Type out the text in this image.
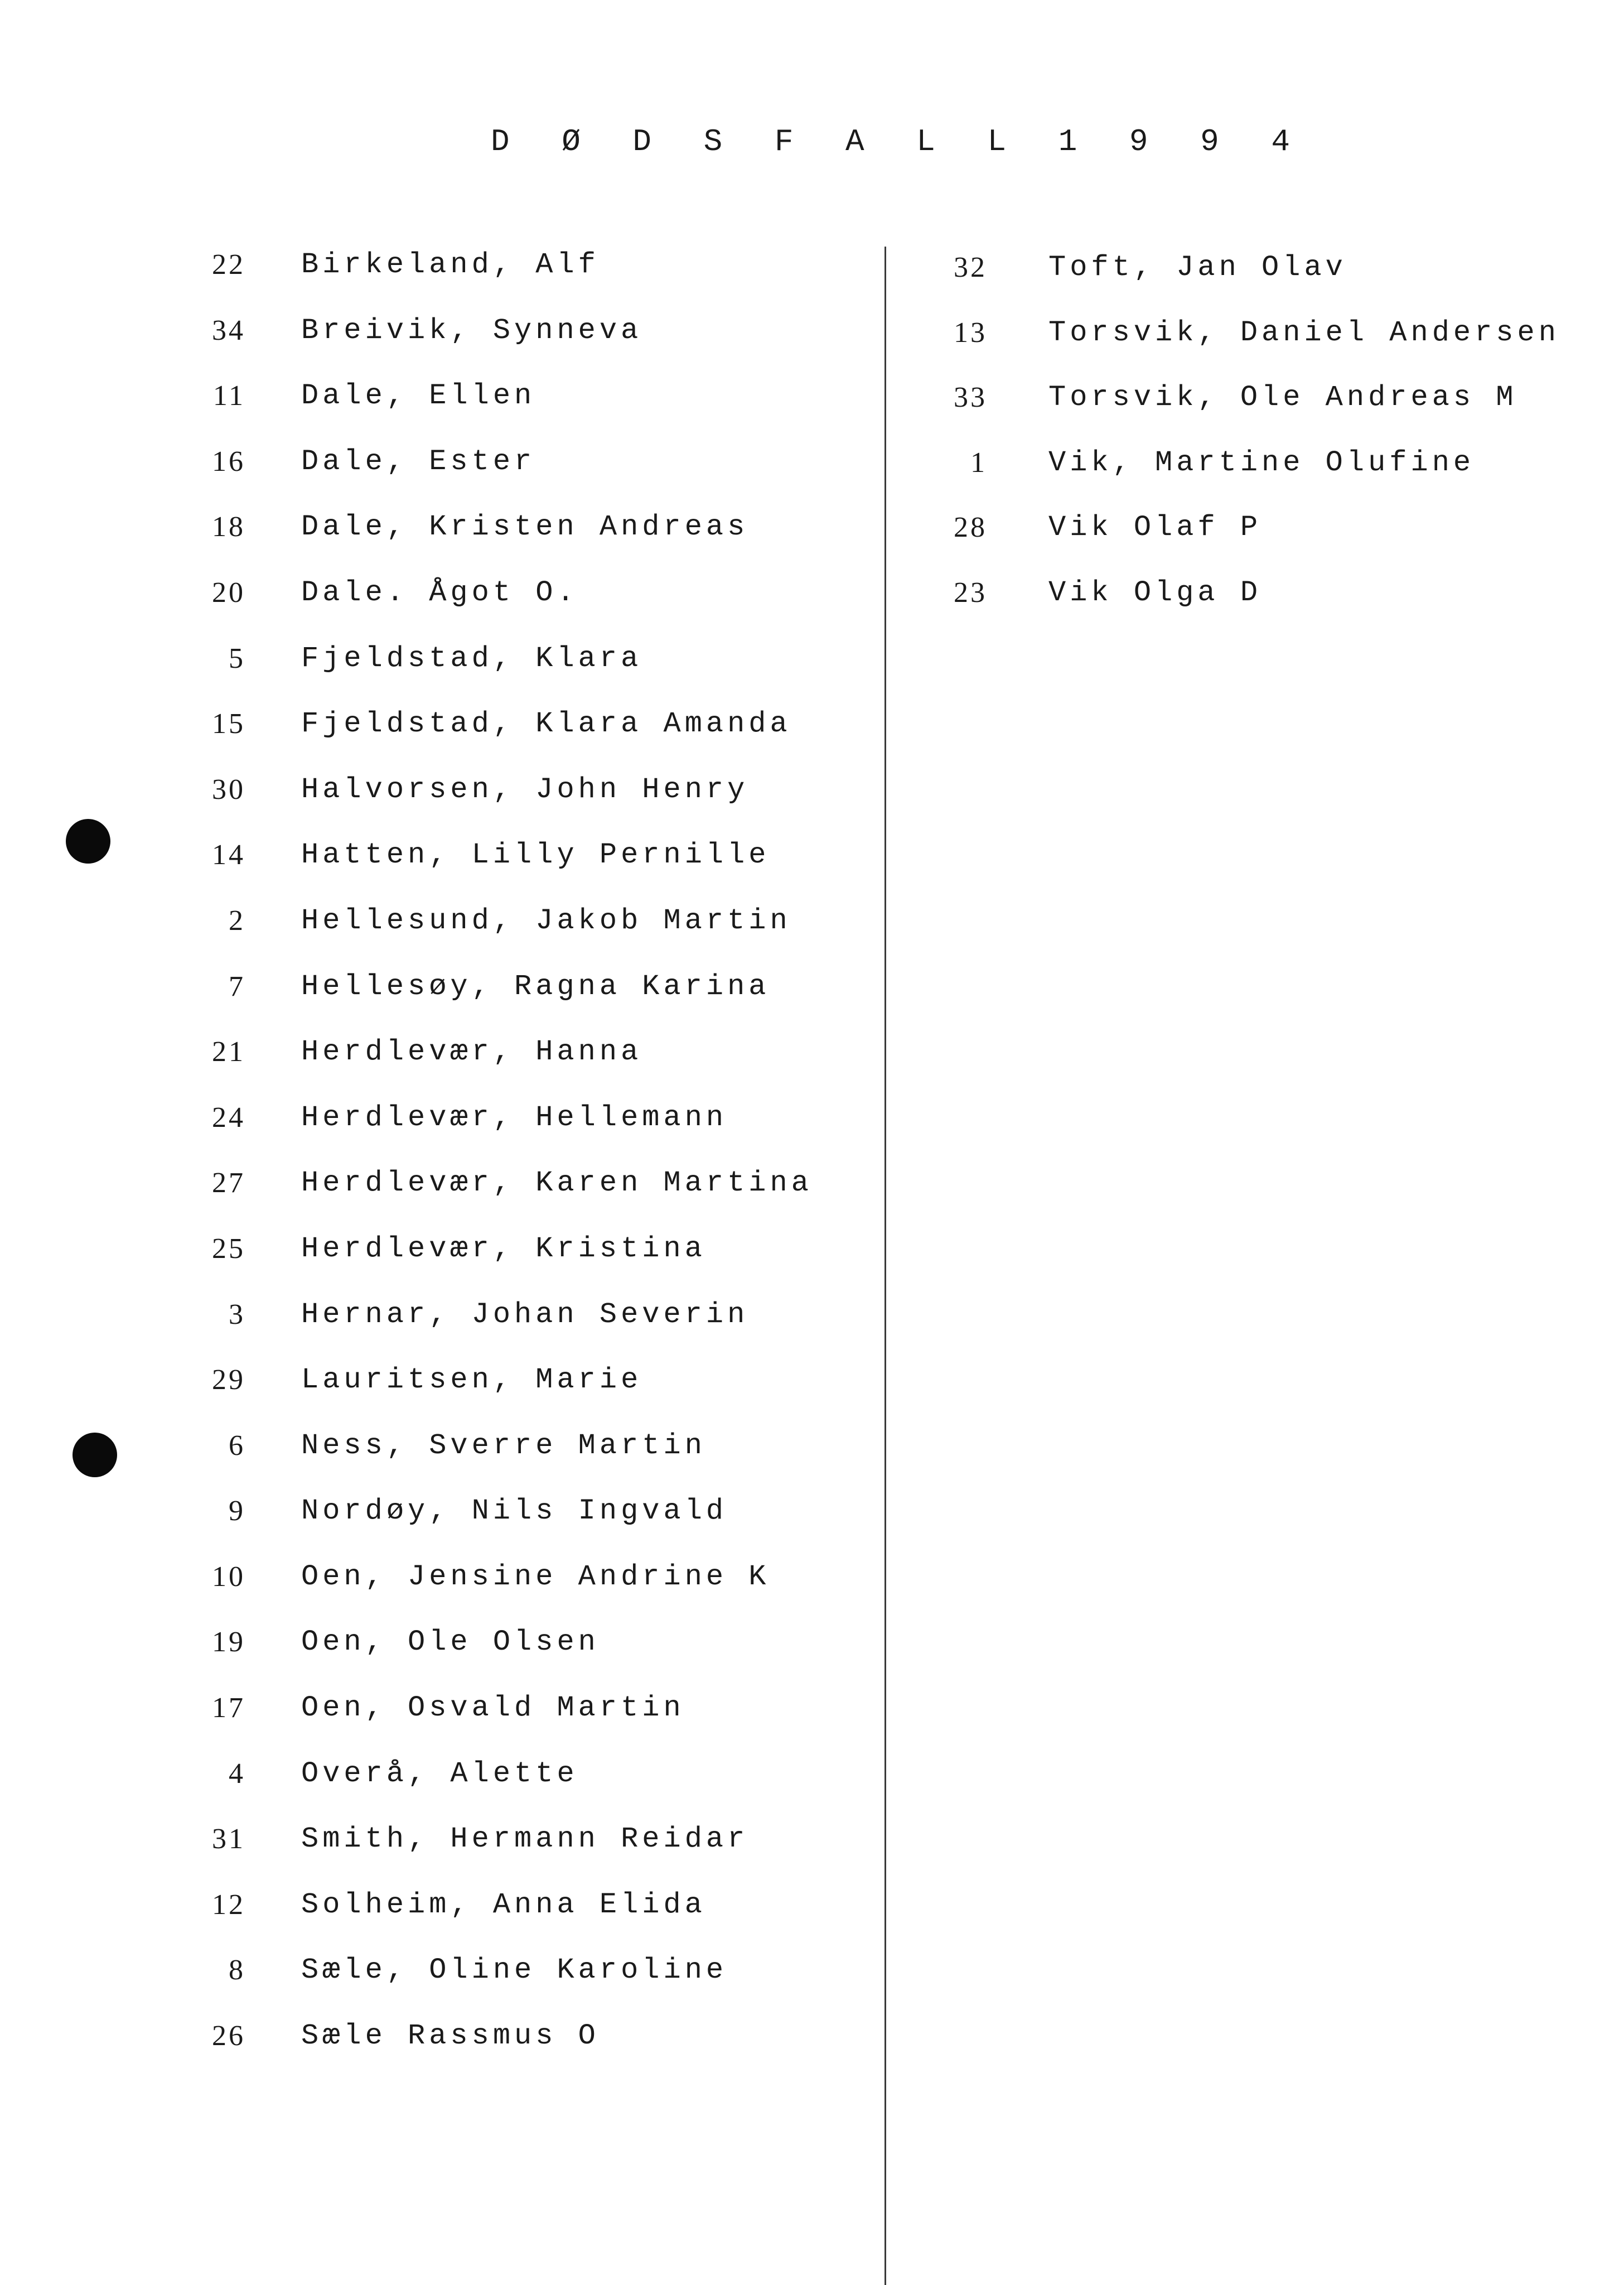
D Ø D S F A L L 1 9 9 4
22 Birkeland, Alf
34 Breivik, Synneva
11 Dale, Ellen
16 Dale, Ester
18 Dale, Kristen Andreas
20 Dale. Ågot O.
5 Fjeldstad, Klara
15 Fjeldstad, Klara Amanda
30 Halvorsen, John Henry
14 Hatten, Lilly Pernille
2 Hellesund, Jakob Martin
7 Hellesøy, Ragna Karina
21 Herdlevær, Hanna
24 Herdlevær, Hellemann
27 Herdlevær, Karen Martina
25 Herdlevær, Kristina
3 Hernar, Johan Severin
29 Lauritsen, Marie
6 Ness, Sverre Martin
9 Nordøy, Nils Ingvald
10 Oen, Jensine Andrine K
19 Oen, Ole Olsen
17 Oen, Osvald Martin
4 Overå, Alette
31 Smith, Hermann Reidar
12 Solheim, Anna Elida
8 Sæle, Oline Karoline
26 Sæle Rassmus O
32 Toft, Jan Olav
13 Torsvik, Daniel Andersen
33 Torsvik, Ole Andreas M
1 Vik, Martine Olufine
28 Vik Olaf P
23 Vik Olga D
